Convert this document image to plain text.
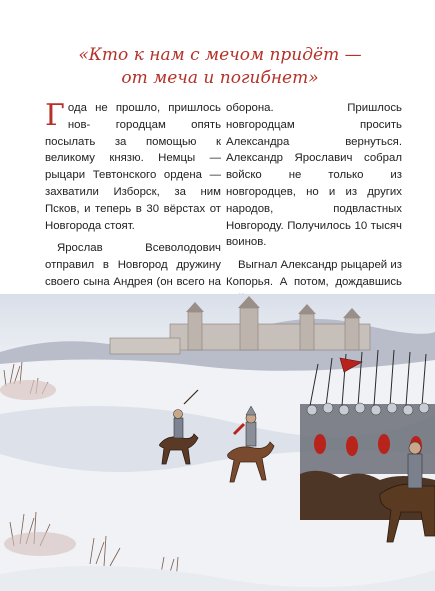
«Кто к нам с мечом придёт —
от меча и погибнет»

Года не прошло, пришлось нов- городцам опять посылать за помощью к великому князю. Немцы — рыцари Тевтонского ордена — захватили Изборск, за ним Псков, и теперь в 30 вёрстах от Новгорода стоят.

Ярослав Всеволодович отправил в Новгород дружину своего сына Андрея (он всего на

оборона. Пришлось новгородцам просить Александра вернуться. Александр Ярославич собрал войско не только из новгородцев, но и из других народов, подвластных Новгороду. Получилось 10 тысяч воинов.

Выгнал Александр рыцарей из Копорья. А потом, дождавшись
